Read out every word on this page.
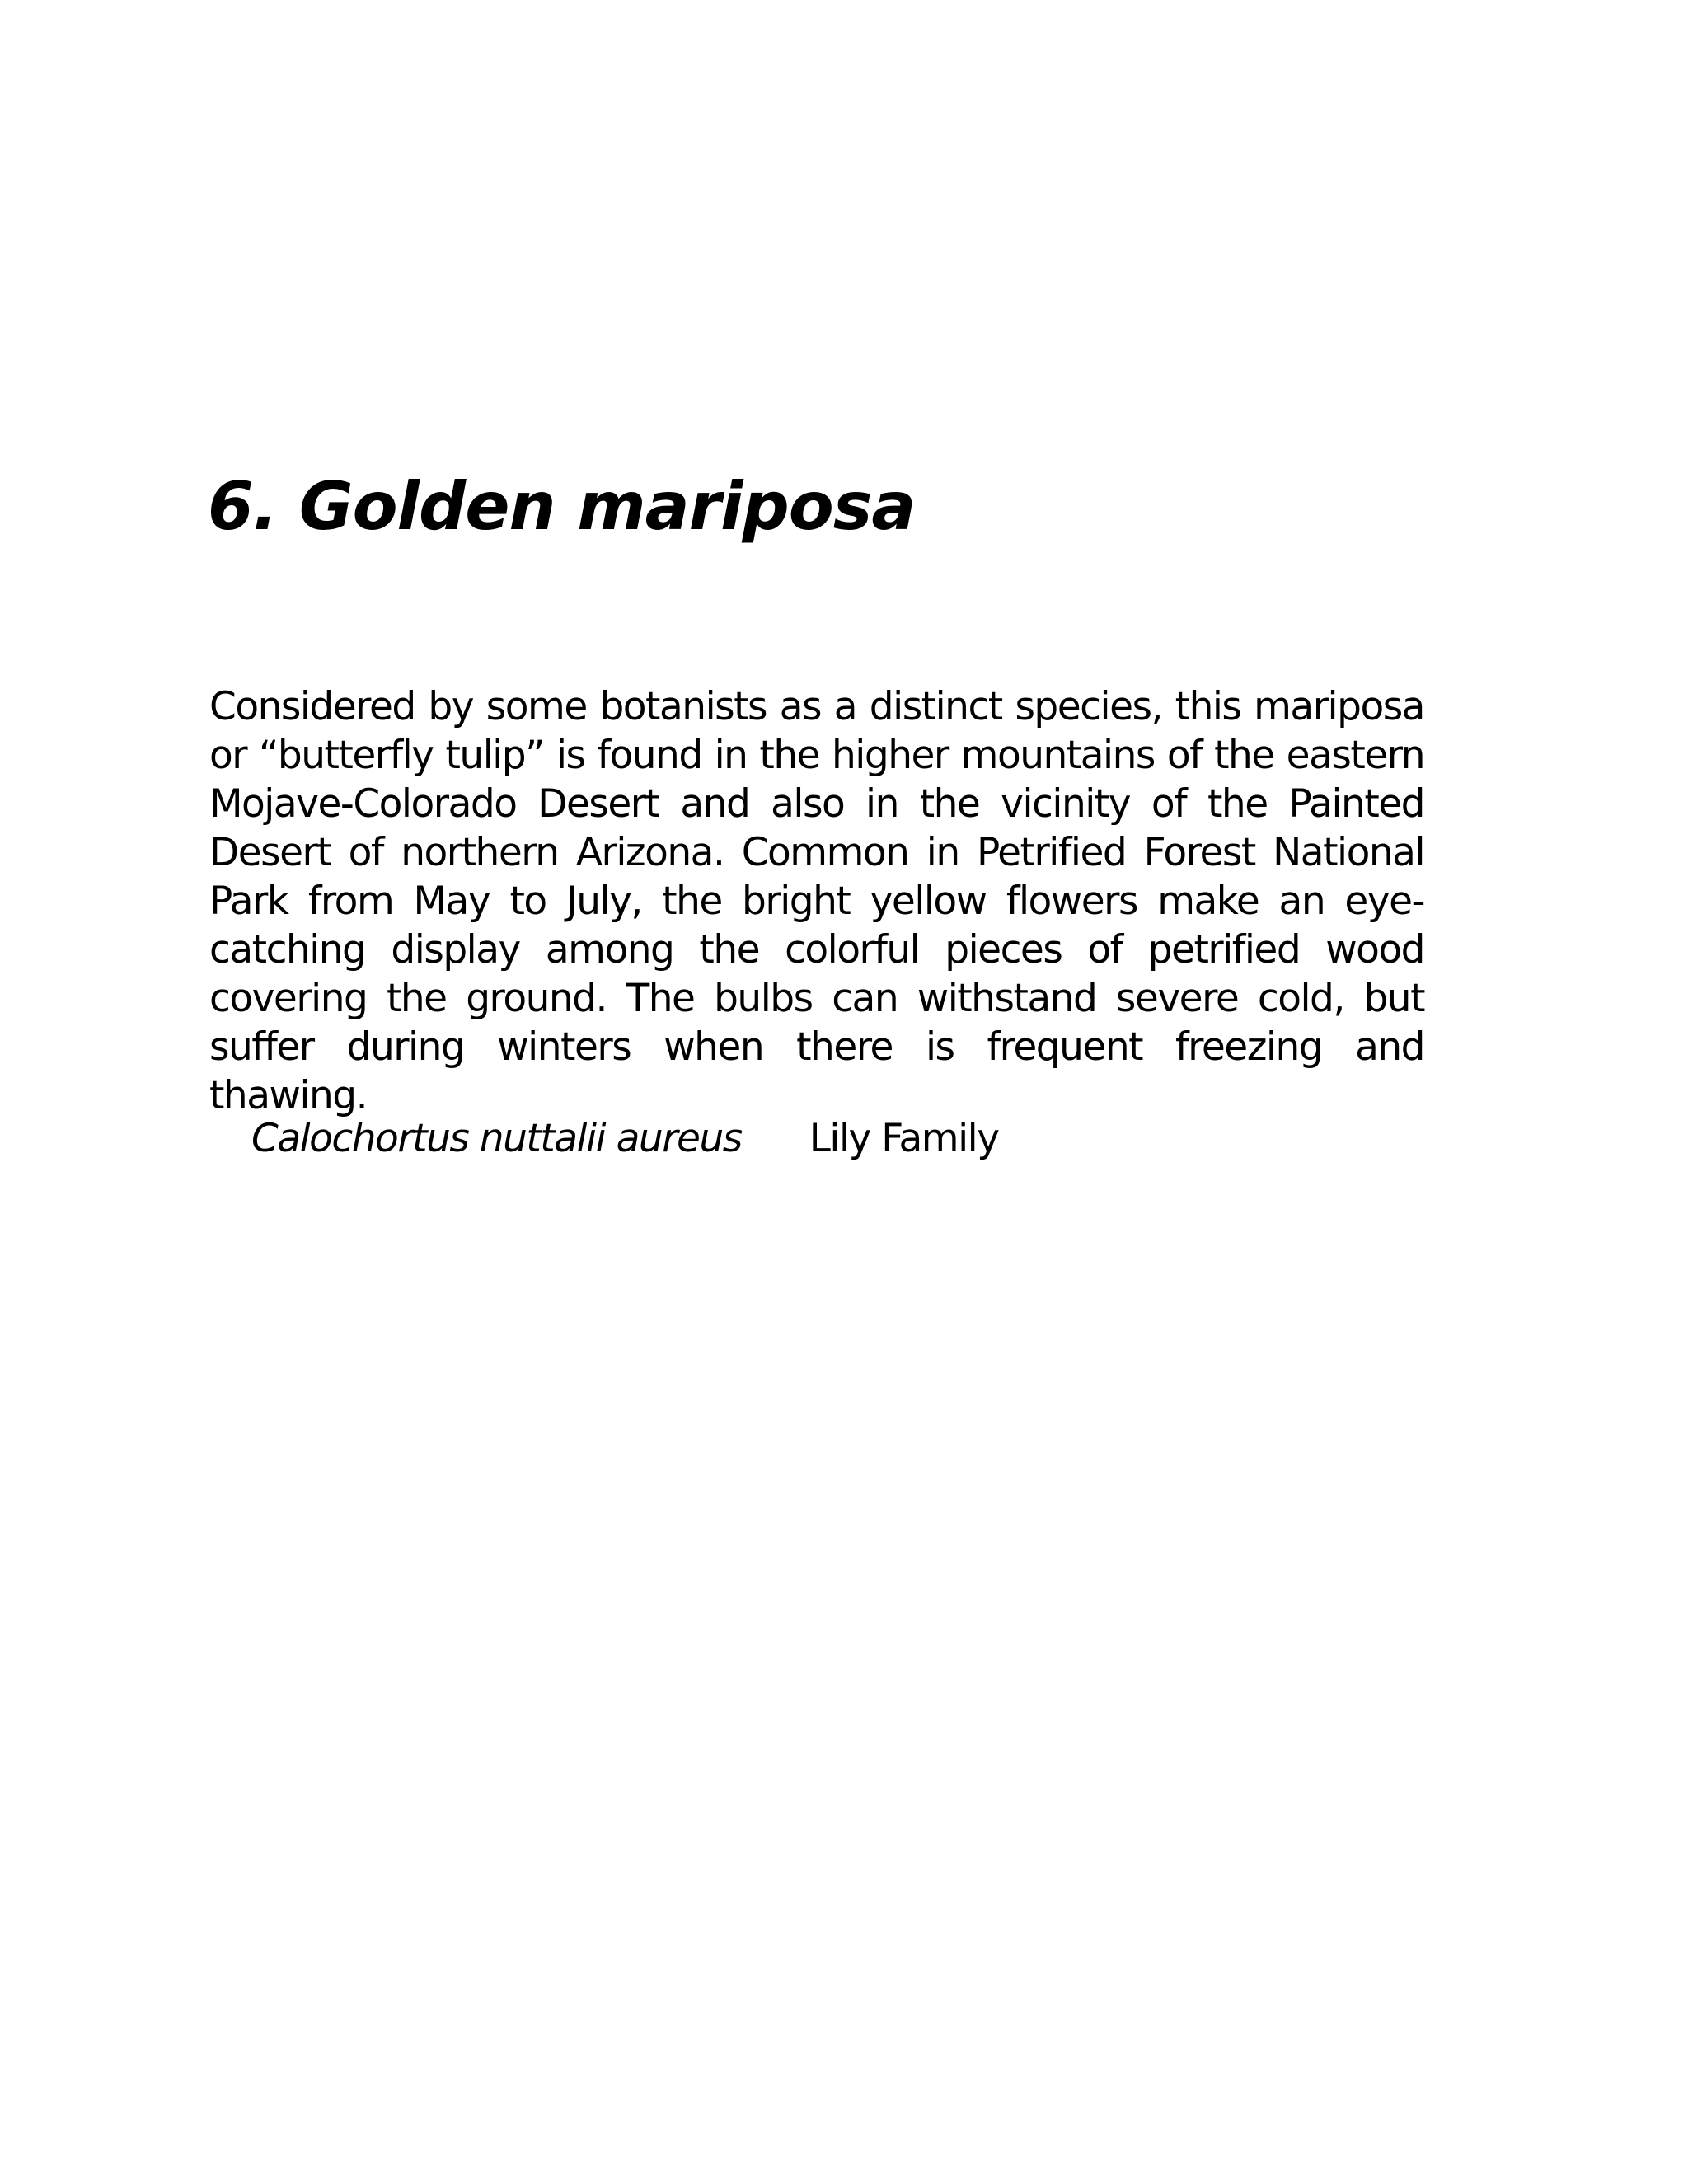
6. Golden mariposa

Considered by some botanists as a distinct species, this mariposa or “butterfly tulip” is found in the higher mountains of the eastern Mojave-Colorado Desert and also in the vicinity of the Painted Desert of northern Arizona. Common in Petrified Forest National Park from May to July, the bright yellow flowers make an eye-catching display among the colorful pieces of petrified wood covering the ground. The bulbs can withstand severe cold, but suffer during winters when there is frequent freezing and thawing.

Calochortus nuttalii aureus Lily Family
